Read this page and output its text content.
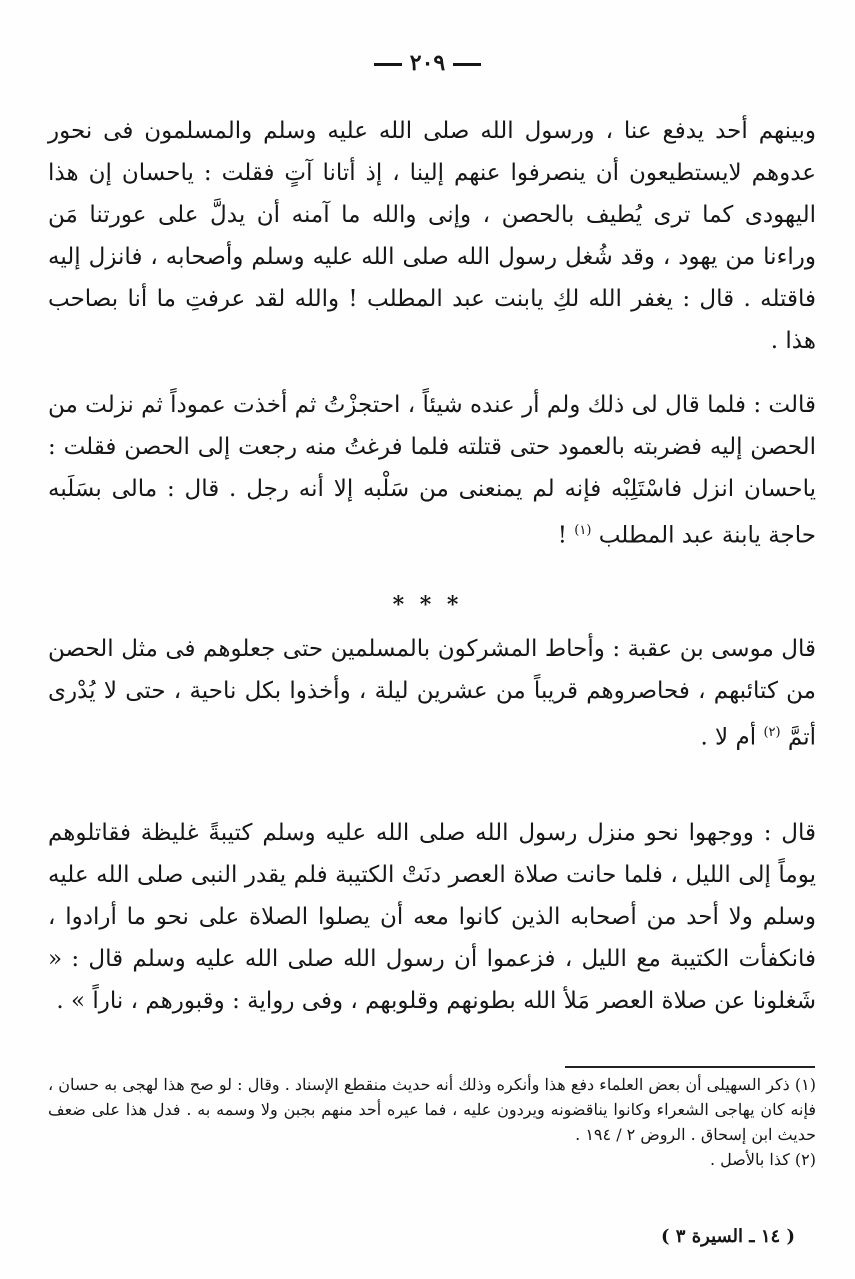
٢٠٩
وبينهم أحد يدفع عنا ، ورسول الله صلى الله عليه وسلم والمسلمون فى نحور عدوهم لايستطيعون أن ينصرفوا عنهم إلينا ، إذ أتانا آتٍ فقلت : ياحسان إن هذا اليهودى كما ترى يُطيف بالحصن ، وإنى والله ما آمنه أن يدلَّ على عورتنا مَن وراءنا من يهود ، وقد شُغل رسول الله صلى الله عليه وسلم وأصحابه ، فانزل إليه فاقتله . قال : يغفر الله لكِ يابنت عبد المطلب ! والله لقد عرفتِ ما أنا بصاحب هذا .
قالت : فلما قال لى ذلك ولم أر عنده شيئاً ، احتجزْتُ ثم أخذت عموداً ثم نزلت من الحصن إليه فضربته بالعمود حتى قتلته فلما فرغتُ منه رجعت إلى الحصن فقلت : ياحسان انزل فاسْتَلِبْه فإنه لم يمنعنى من سَلْبه إلا أنه رجل . قال : مالى بسَلَبه حاجة يابنة عبد المطلب $^{(١)}$ !
* * *
قال موسى بن عقبة : وأحاط المشركون بالمسلمين حتى جعلوهم فى مثل الحصن من كتائبهم ، فحاصروهم قريباً من عشرين ليلة ، وأخذوا بكل ناحية ، حتى لا يُدْرى أتمَّ $^{(٢)}$ أم لا .
قال : ووجهوا نحو منزل رسول الله صلى الله عليه وسلم كتيبةً غليظة فقاتلوهم يوماً إلى الليل ، فلما حانت صلاة العصر دنَتْ الكتيبة فلم يقدر النبى صلى الله عليه وسلم ولا أحد من أصحابه الذين كانوا معه أن يصلوا الصلاة على نحو ما أرادوا ، فانكفأت الكتيبة مع الليل ، فزعموا أن رسول الله صلى الله عليه وسلم قال : « شَغلونا عن صلاة العصر مَلأ الله بطونهم وقلوبهم ، وفى رواية : وقبورهم ، ناراً » .

(١) ذكر السهيلى أن بعض العلماء دفع هذا وأنكره وذلك أنه حديث منقطع الإسناد . وقال : لو صح هذا لهجى به حسان ، فإنه كان يهاجى الشعراء وكانوا يناقضونه ويردون عليه ، فما عيره أحد منهم بجبن ولا وسمه به . فدل هذا على ضعف حديث ابن إسحاق . الروض ٢ / ١٩٤ .

(٢) كذا بالأصل .

( ١٤ ـ السيرة ٣ )
